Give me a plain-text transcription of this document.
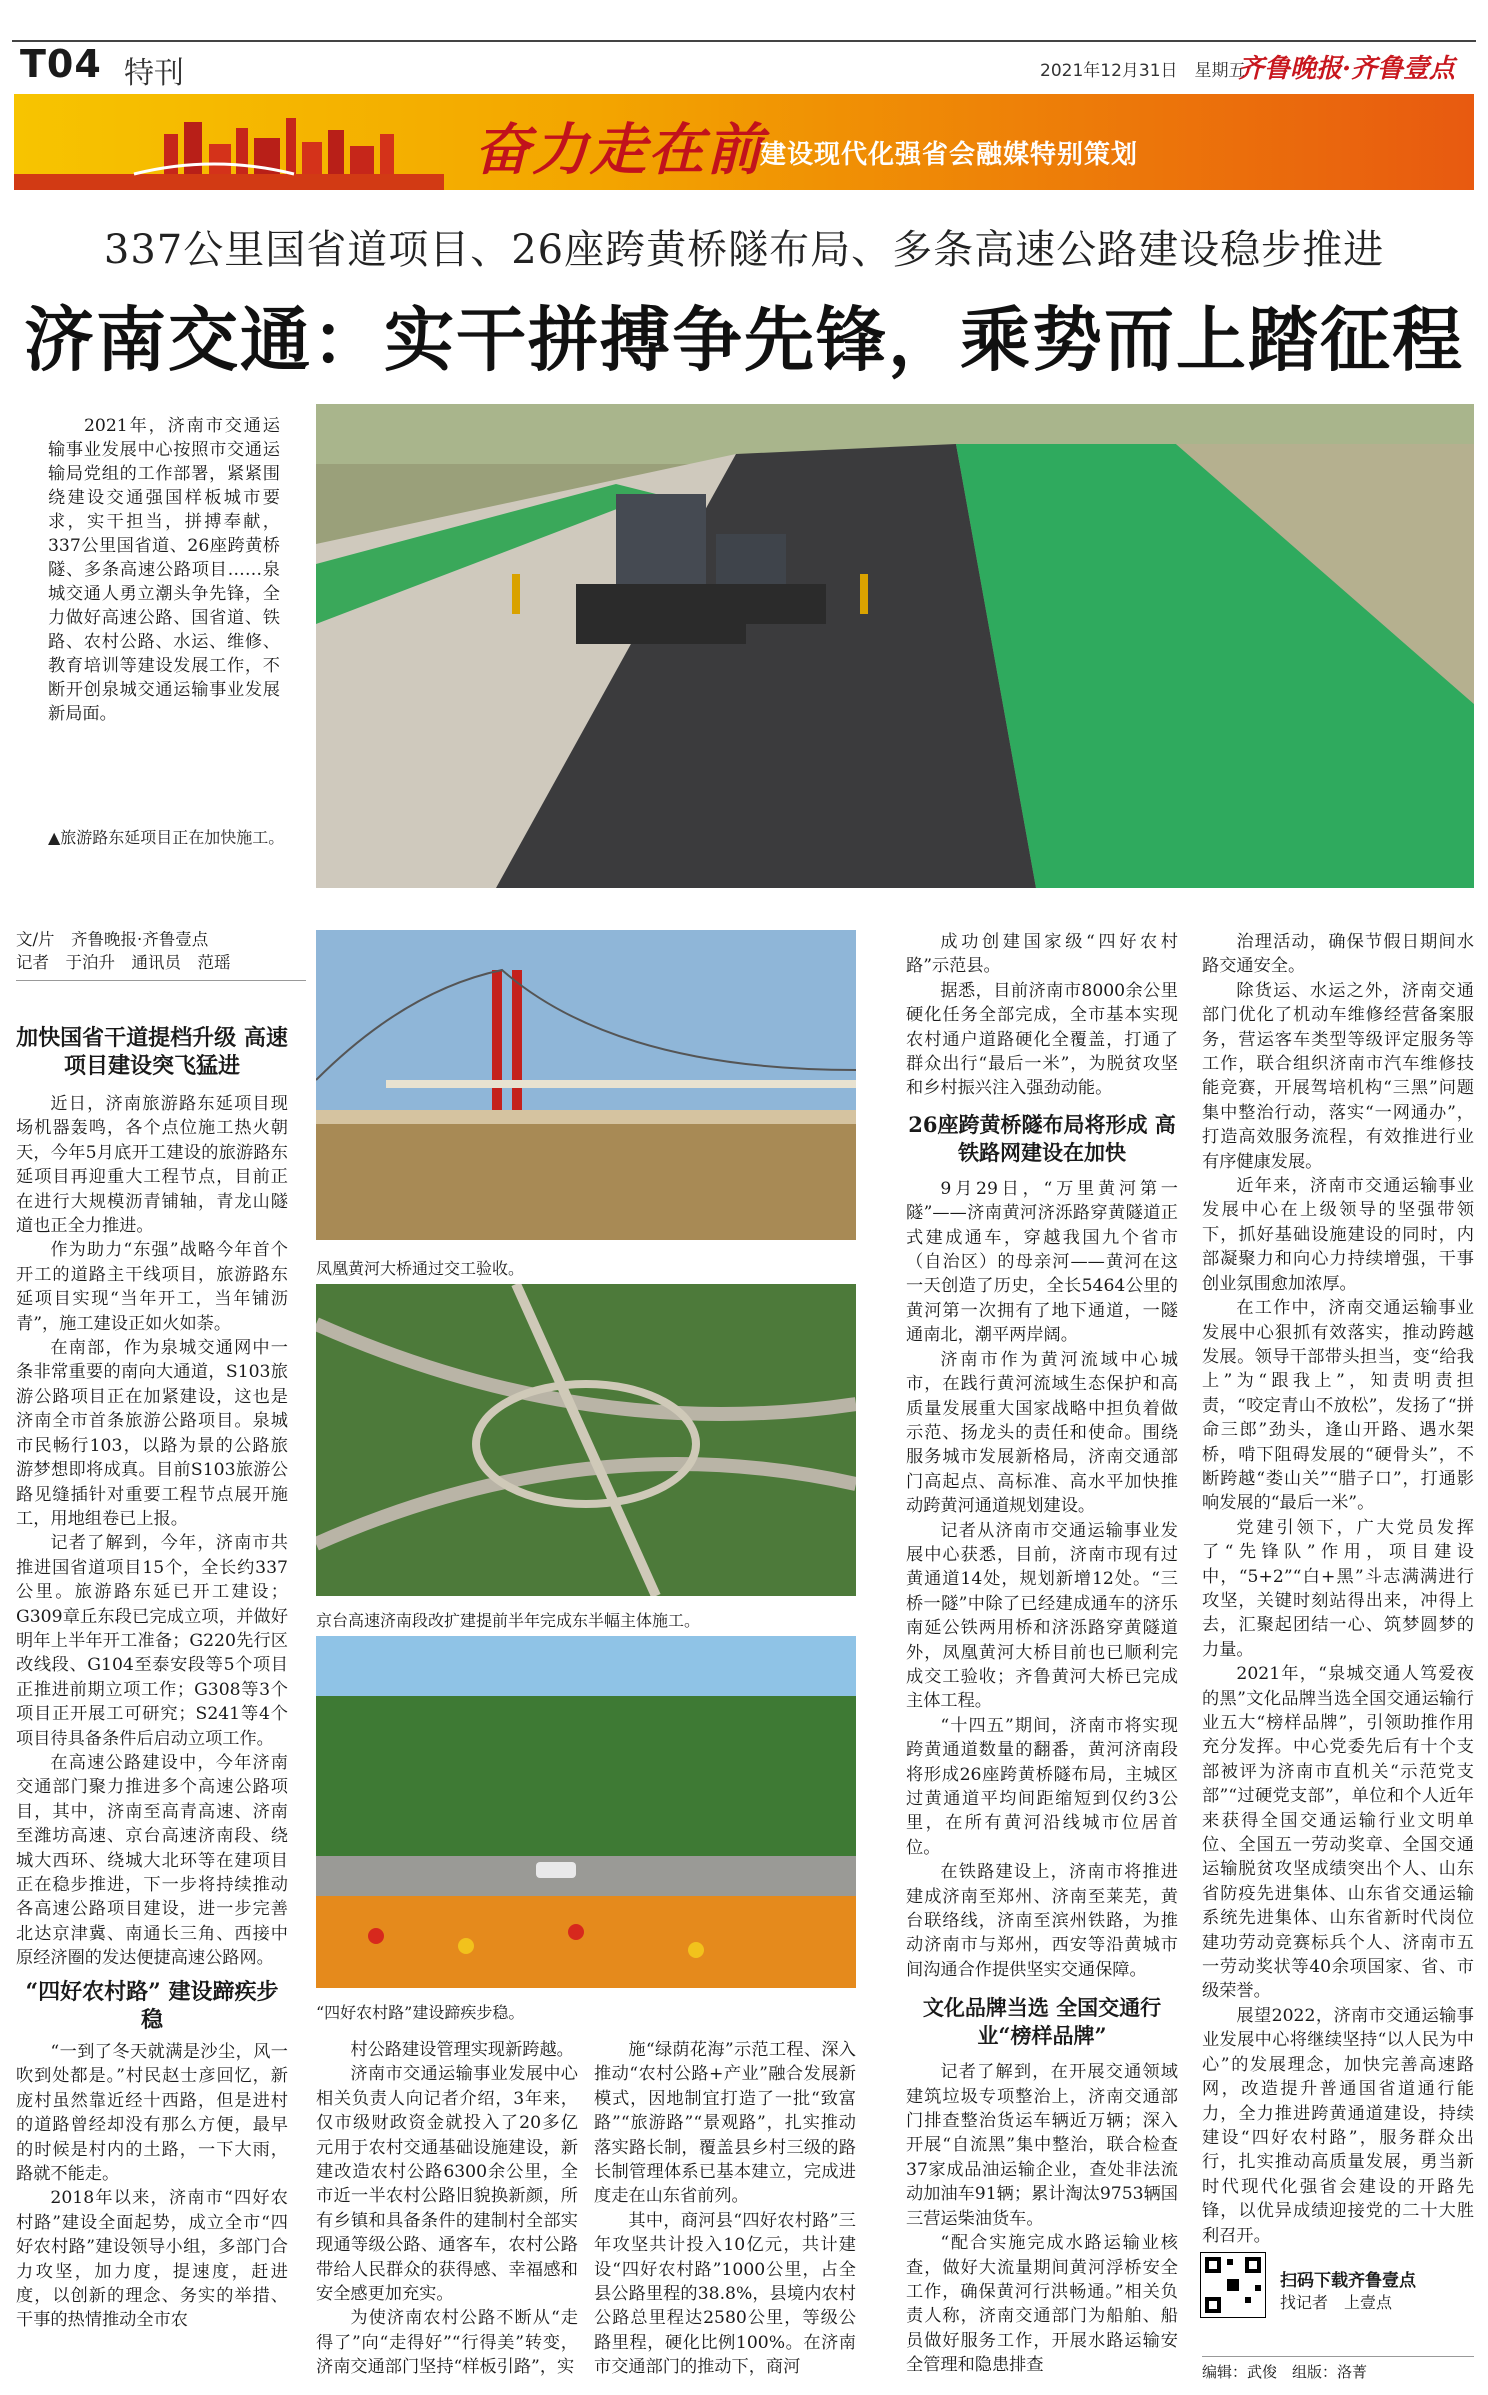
T04 特刊	2021年12月31日　星期五
齐鲁晚报·齐鲁壹点
奋力走在前
建设现代化强省会融媒特别策划
337公里国省道项目、26座跨黄桥隧布局、多条高速公路建设稳步推进
济南交通：实干拼搏争先锋，乘势而上踏征程
2021年，济南市交通运输事业发展中心按照市交通运输局党组的工作部署，紧紧围绕建设交通强国样板城市要求，实干担当，拼搏奉献，337公里国省道、26座跨黄桥隧、多条高速公路项目……泉城交通人勇立潮头争先锋，全力做好高速公路、国省道、铁路、农村公路、水运、维修、教育培训等建设发展工作，不断开创泉城交通运输事业发展新局面。
▲旅游路东延项目正在加快施工。
文/片　齐鲁晚报·齐鲁壹点
记者　于泊升　通讯员　范瑶
加快国省干道提档升级 高速项目建设突飞猛进

近日，济南旅游路东延项目现场机器轰鸣，各个点位施工热火朝天，今年5月底开工建设的旅游路东延项目再迎重大工程节点，目前正在进行大规模沥青铺轴，青龙山隧道也正全力推进。

作为助力“东强”战略今年首个开工的道路主干线项目，旅游路东延项目实现“当年开工，当年铺沥青”，施工建设正如火如荼。

在南部，作为泉城交通网中一条非常重要的南向大通道，S103旅游公路项目正在加紧建设，这也是济南全市首条旅游公路项目。泉城市民畅行103，以路为景的公路旅游梦想即将成真。目前S103旅游公路见缝插针对重要工程节点展开施工，用地组卷已上报。

记者了解到，今年，济南市共推进国省道项目15个，全长约337公里。旅游路东延已开工建设；G309章丘东段已完成立项，并做好明年上半年开工准备；G220先行区改线段、G104至泰安段等5个项目正推进前期立项工作；G308等3个项目正开展工可研究；S241等4个项目待具备条件后启动立项工作。

在高速公路建设中，今年济南交通部门聚力推进多个高速公路项目，其中，济南至高青高速、济南至潍坊高速、京台高速济南段、绕城大西环、绕城大北环等在建项目正在稳步推进，下一步将持续推动各高速公路项目建设，进一步完善北达京津冀、南通长三角、西接中原经济圈的发达便捷高速公路网。

“四好农村路” 建设蹄疾步稳

“一到了冬天就满是沙尘，风一吹到处都是。”村民赵士彦回忆，新庞村虽然靠近经十西路，但是进村的道路曾经却没有那么方便，最早的时候是村内的土路，一下大雨，路就不能走。

2018年以来，济南市“四好农村路”建设全面起势，成立全市“四好农村路”建设领导小组，多部门合力攻坚，加力度，提速度，赶进度，以创新的理念、务实的举措、干事的热情推动全市农

凤凰黄河大桥通过交工验收。
京台高速济南段改扩建提前半年完成东半幅主体施工。
“四好农村路”建设蹄疾步稳。

村公路建设管理实现新跨越。

济南市交通运输事业发展中心相关负责人向记者介绍，3年来，仅市级财政资金就投入了20多亿元用于农村交通基础设施建设，新建改造农村公路6300余公里，全市近一半农村公路旧貌换新颜，所有乡镇和具备条件的建制村全部实现通等级公路、通客车，农村公路带给人民群众的获得感、幸福感和安全感更加充实。

为使济南农村公路不断从“走得了”向“走得好”“行得美”转变，济南交通部门坚持“样板引路”，实

施“绿荫花海”示范工程、深入推动“农村公路+产业”融合发展新模式，因地制宜打造了一批“致富路”“旅游路”“景观路”，扎实推动落实路长制，覆盖县乡村三级的路长制管理体系已基本建立，完成进度走在山东省前列。

其中，商河县“四好农村路”三年攻坚共计投入10亿元，共计建设“四好农村路”1000公里，占全县公路里程的38.8%，县境内农村公路总里程达2580公里，等级公路里程，硬化比例100%。在济南市交通部门的推动下，商河

成功创建国家级“四好农村路”示范县。

据悉，目前济南市8000余公里硬化任务全部完成，全市基本实现农村通户道路硬化全覆盖，打通了群众出行“最后一米”，为脱贫攻坚和乡村振兴注入强劲动能。

26座跨黄桥隧布局将形成 高铁路网建设在加快

9月29日，“万里黄河第一隧”——济南黄河济泺路穿黄隧道正式建成通车，穿越我国九个省市（自治区）的母亲河——黄河在这一天创造了历史，全长5464公里的黄河第一次拥有了地下通道，一隧通南北，潮平两岸阔。

济南市作为黄河流域中心城市，在践行黄河流域生态保护和高质量发展重大国家战略中担负着做示范、扬龙头的责任和使命。围绕服务城市发展新格局，济南交通部门高起点、高标准、高水平加快推动跨黄河通道规划建设。

记者从济南市交通运输事业发展中心获悉，目前，济南市现有过黄通道14处，规划新增12处。“三桥一隧”中除了已经建成通车的济乐南延公铁两用桥和济泺路穿黄隧道外，凤凰黄河大桥目前也已顺利完成交工验收；齐鲁黄河大桥已完成主体工程。

“十四五”期间，济南市将实现跨黄通道数量的翻番，黄河济南段将形成26座跨黄桥隧布局，主城区过黄通道平均间距缩短到仅约3公里，在所有黄河沿线城市位居首位。

在铁路建设上，济南市将推进建成济南至郑州、济南至莱芜，黄台联络线，济南至滨州铁路，为推动济南市与郑州，西安等沿黄城市间沟通合作提供坚实交通保障。

文化品牌当选 全国交通行业“榜样品牌”

记者了解到，在开展交通领域建筑垃圾专项整治上，济南交通部门排查整治货运车辆近万辆；深入开展“自流黑”集中整治，联合检查37家成品油运输企业，查处非法流动加油车91辆；累计淘汰9753辆国三营运柴油货车。

“配合实施完成水路运输业核查，做好大流量期间黄河浮桥安全工作，确保黄河行洪畅通。”相关负责人称，济南交通部门为船舶、船员做好服务工作，开展水路运输安全管理和隐患排查

治理活动，确保节假日期间水路交通安全。

除货运、水运之外，济南交通部门优化了机动车维修经营备案服务，营运客车类型等级评定服务等工作，联合组织济南市汽车维修技能竞赛，开展驾培机构“三黑”问题集中整治行动，落实“一网通办”，打造高效服务流程，有效推进行业有序健康发展。

近年来，济南市交通运输事业发展中心在上级领导的坚强带领下，抓好基础设施建设的同时，内部凝聚力和向心力持续增强，干事创业氛围愈加浓厚。

在工作中，济南交通运输事业发展中心狠抓有效落实，推动跨越发展。领导干部带头担当，变“给我上”为“跟我上”，知责明责担责，“咬定青山不放松”，发扬了“拼命三郎”劲头，逢山开路、遇水架桥，啃下阻碍发展的“硬骨头”，不断跨越“娄山关”“腊子口”，打通影响发展的“最后一米”。

党建引领下，广大党员发挥了“先锋队”作用，项目建设中，“5+2”“白+黑”斗志满满进行攻坚，关键时刻站得出来，冲得上去，汇聚起团结一心、筑梦圆梦的力量。

2021年，“泉城交通人笃爱夜的黑”文化品牌当选全国交通运输行业五大“榜样品牌”，引领助推作用充分发挥。中心党委先后有十个支部被评为济南市直机关“示范党支部”“过硬党支部”，单位和个人近年来获得全国交通运输行业文明单位、全国五一劳动奖章、全国交通运输脱贫攻坚成绩突出个人、山东省防疫先进集体、山东省交通运输系统先进集体、山东省新时代岗位建功劳动竞赛标兵个人、济南市五一劳动奖状等40余项国家、省、市级荣誉。

展望2022，济南市交通运输事业发展中心将继续坚持“以人民为中心”的发展理念，加快完善高速路网，改造提升普通国省道通行能力，全力推进跨黄通道建设，持续建设“四好农村路”，服务群众出行，扎实推动高质量发展，勇当新时代现代化强省会建设的开路先锋，以优异成绩迎接党的二十大胜利召开。

扫码下载齐鲁壹点
找记者　上壹点
编辑：武俊　组版：洛菁
